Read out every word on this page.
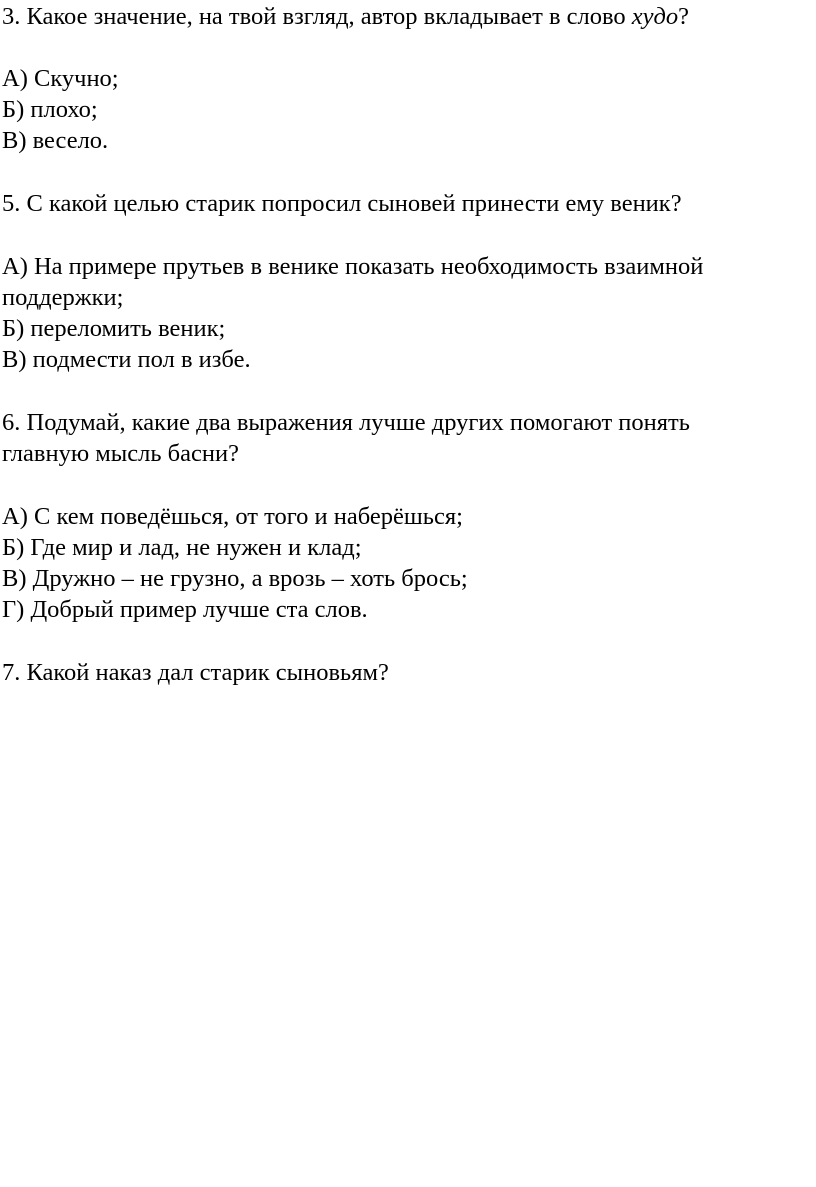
3. Какое значение, на твой взгляд, автор вкладывает в слово худо?

А) Скучно;

Б) плохо;

В) весело.

5. С какой целью старик попросил сыновей принести ему веник?

А) На примере прутьев в венике показать необходимость взаимной

поддержки;

Б) переломить веник;

В) подмести пол в избе.

6. Подумай, какие два выражения лучше других помогают понять

главную мысль басни?

А) С кем поведёшься, от того и наберёшься;

Б) Где мир и лад, не нужен и клад;

В) Дружно – не грузно, а врозь – хоть брось;

Г) Добрый пример лучше ста слов.

7. Какой наказ дал старик сыновьям?
